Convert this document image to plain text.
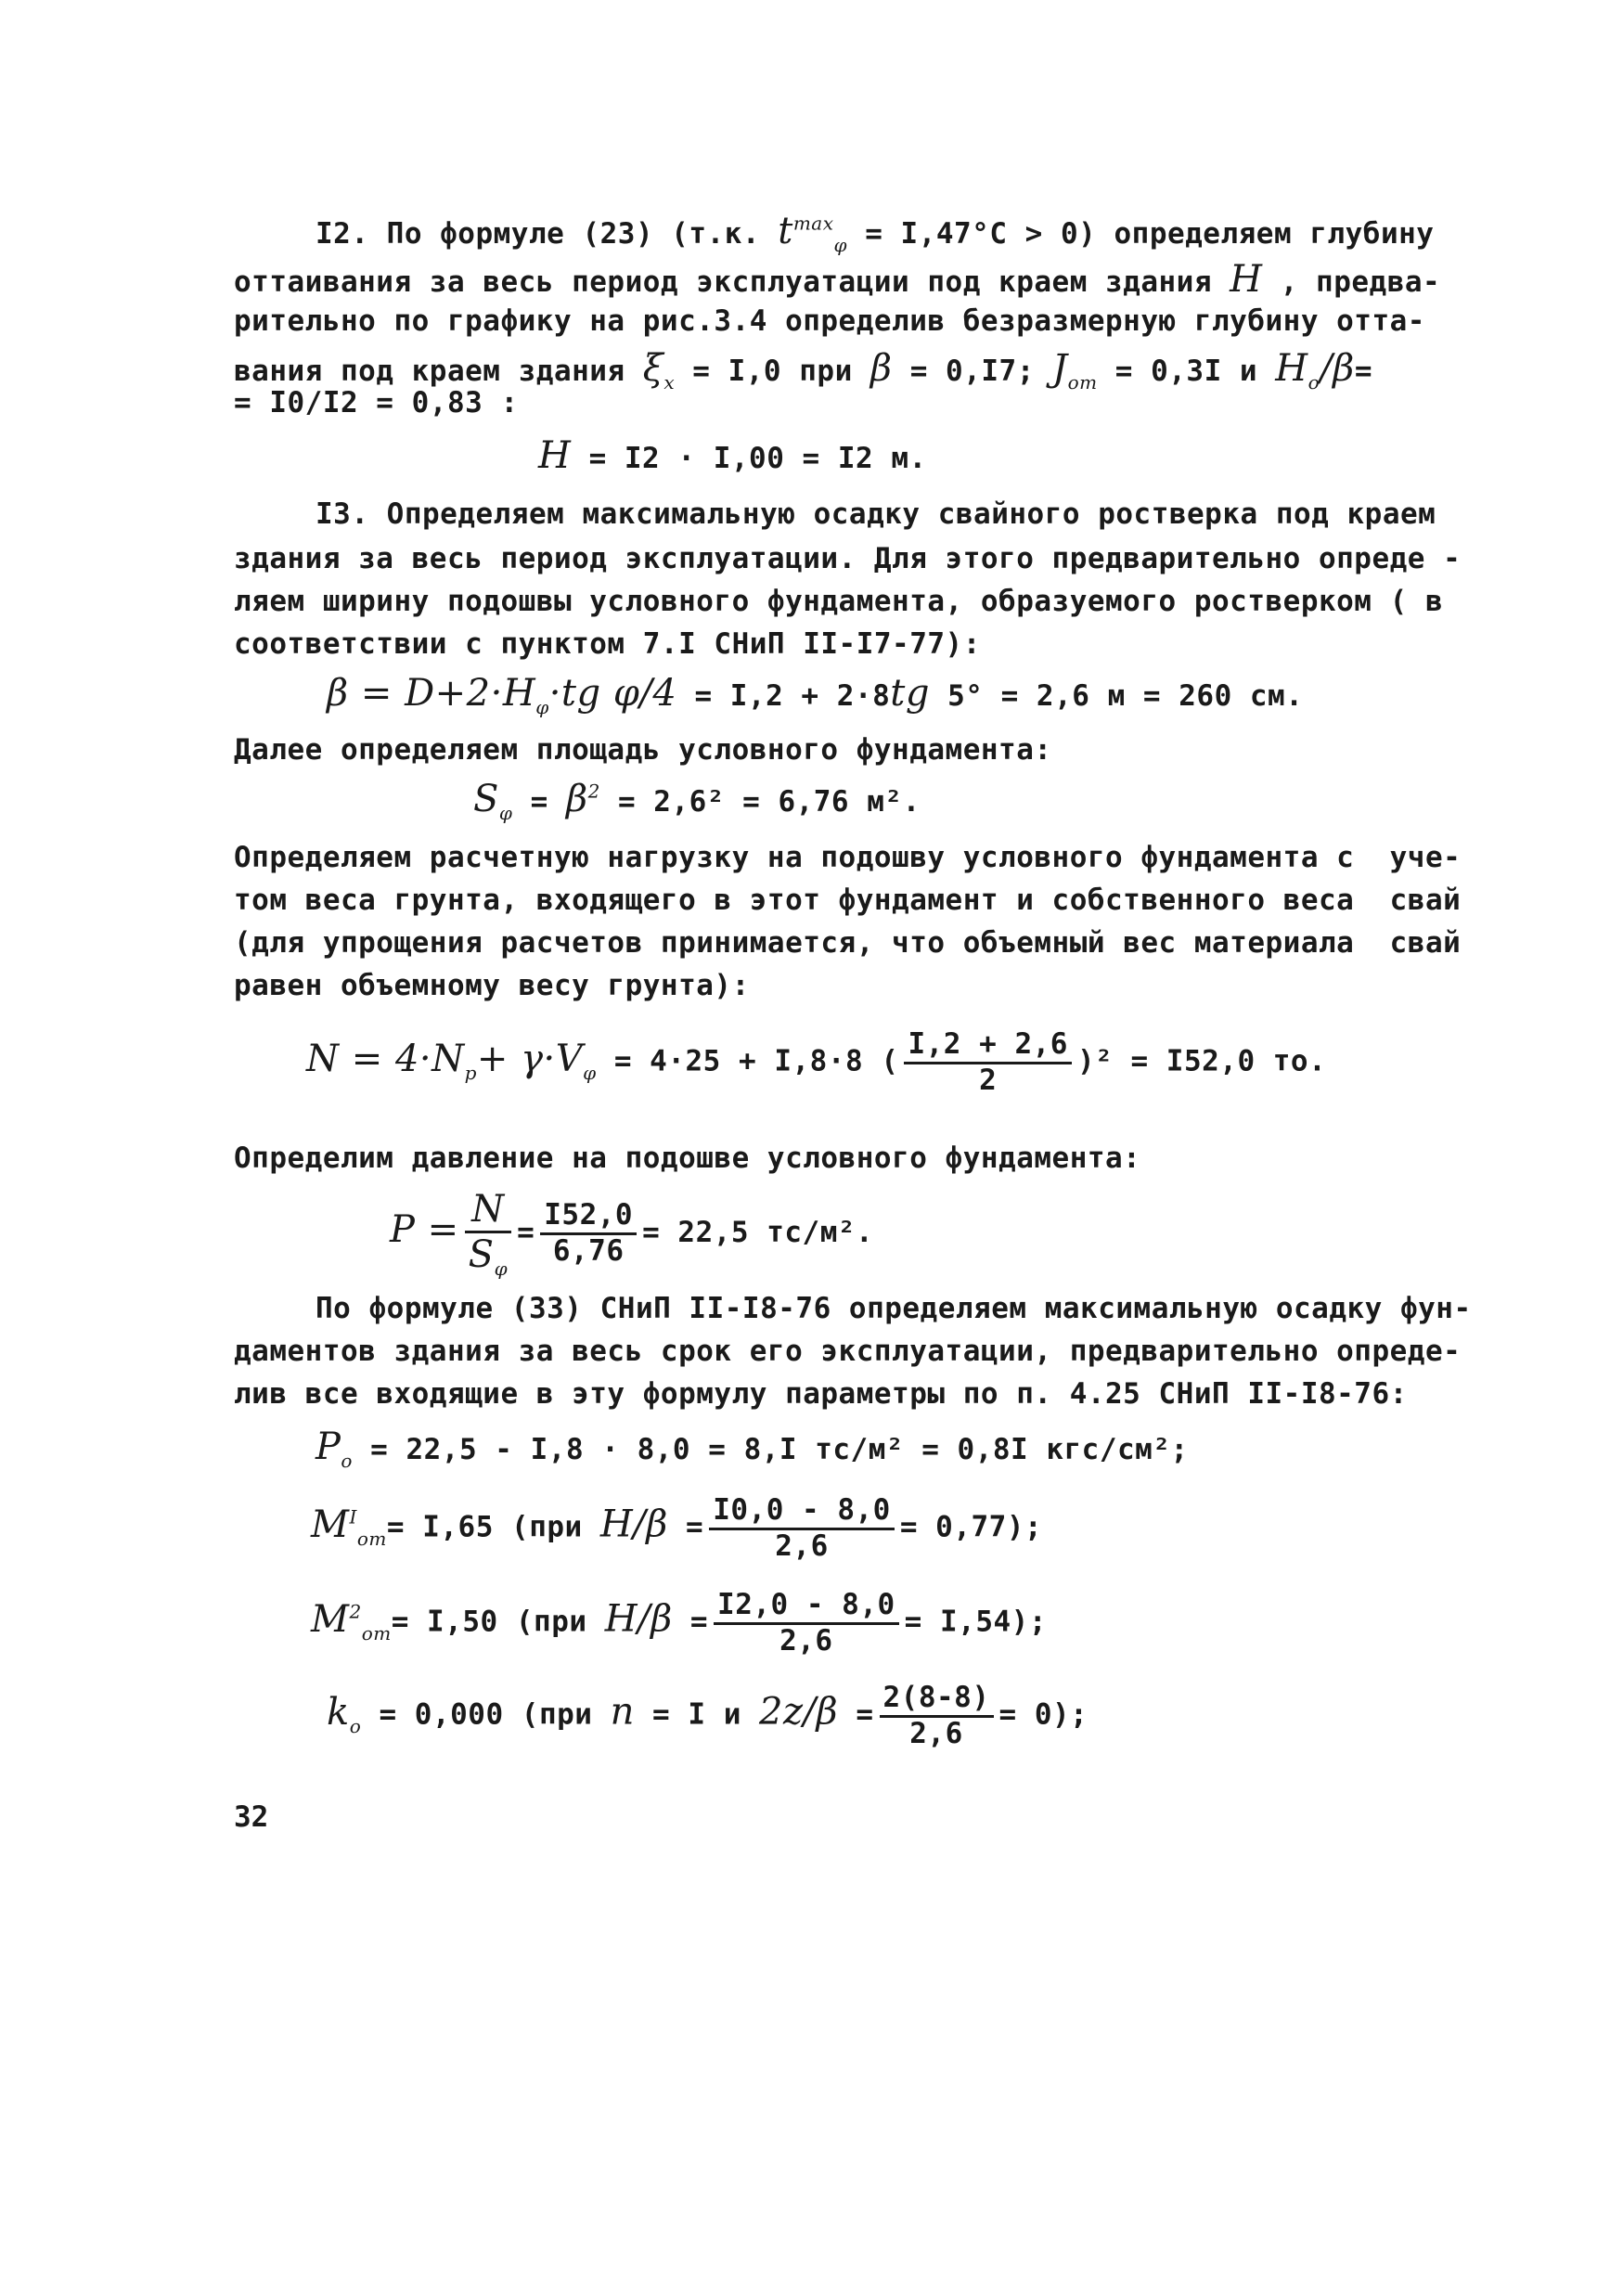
I2. По формуле (23) (т.к. $t^{max}_\varphi = I,47^\circ C > 0$) определяем глубину
оттаивания за весь период эксплуатации под краем здания H , предва-
рительно по графику на рис.3.4 определив безразмерную глубину отта-
вания под краем здания $\xi_x = I,0$ при β = 0,I7; $J_{от} = 0,3I$ и $H_o/\beta=$
= I0/I2 = 0,83 :
H = I2 · I,00 = I2 м.
I3. Определяем максимальную осадку свайного ростверка под краем
здания за весь период эксплуатации. Для этого предварительно опреде -
ляем ширину подошвы условного фундамента, образуемого ростверком ( в
соответствии с пунктом 7.I СНиП II-I7-77):
$\beta = D+2\cdot H_\varphi\cdot tg$ φ/4 = I,2 + 2·8tg 5° = 2,6 м = 260 см.
Далее определяем площадь условного фундамента:
$S_\varphi = \beta^2 = 2,6^2 = 6,76$ м².
Определяем расчетную нагрузку на подошву условного фундамента с  уче-
том веса грунта, входящего в этот фундамент и собственного веса  свай
(для упрощения расчетов принимается, что объемный вес материала  свай
равен объемному весу грунта):
$N = 4\cdot N_p+ \gamma\cdot V_\varphi = 4\cdot 25 + I,8\cdot 8$ ( $\frac{I,2 + 2,6}{2} )^2 = I52,0$ то.
Определим давление на подошве условного фундамента:
$P = \frac{N}{S_\varphi} = \frac{I52,0}{6,76} = 22,5$ тс/м².
По формуле (33) СНиП II-I8-76 определяем максимальную осадку фун-
даментов здания за весь срок его эксплуатации, предварительно опреде-
лив все входящие в эту формулу параметры по п. 4.25 СНиП II-I8-76:
$P_o = 22,5 - I,8 \cdot 8,0 = 8,I$ тс/м² = 0,8I кгс/см²;
$M^I_{от}= I,65$ (при $H/\beta = \frac{I0,0 - 8,0}{2,6} = 0,77$);
$M^2_{от}= I,50$ (при $H/\beta = \frac{I2,0 - 8,0}{2,6} = I,54$);
$k_o = 0,000$ (при n = I и $2z/\beta = \frac{2(8-8)}{2,6} = 0$);
32
